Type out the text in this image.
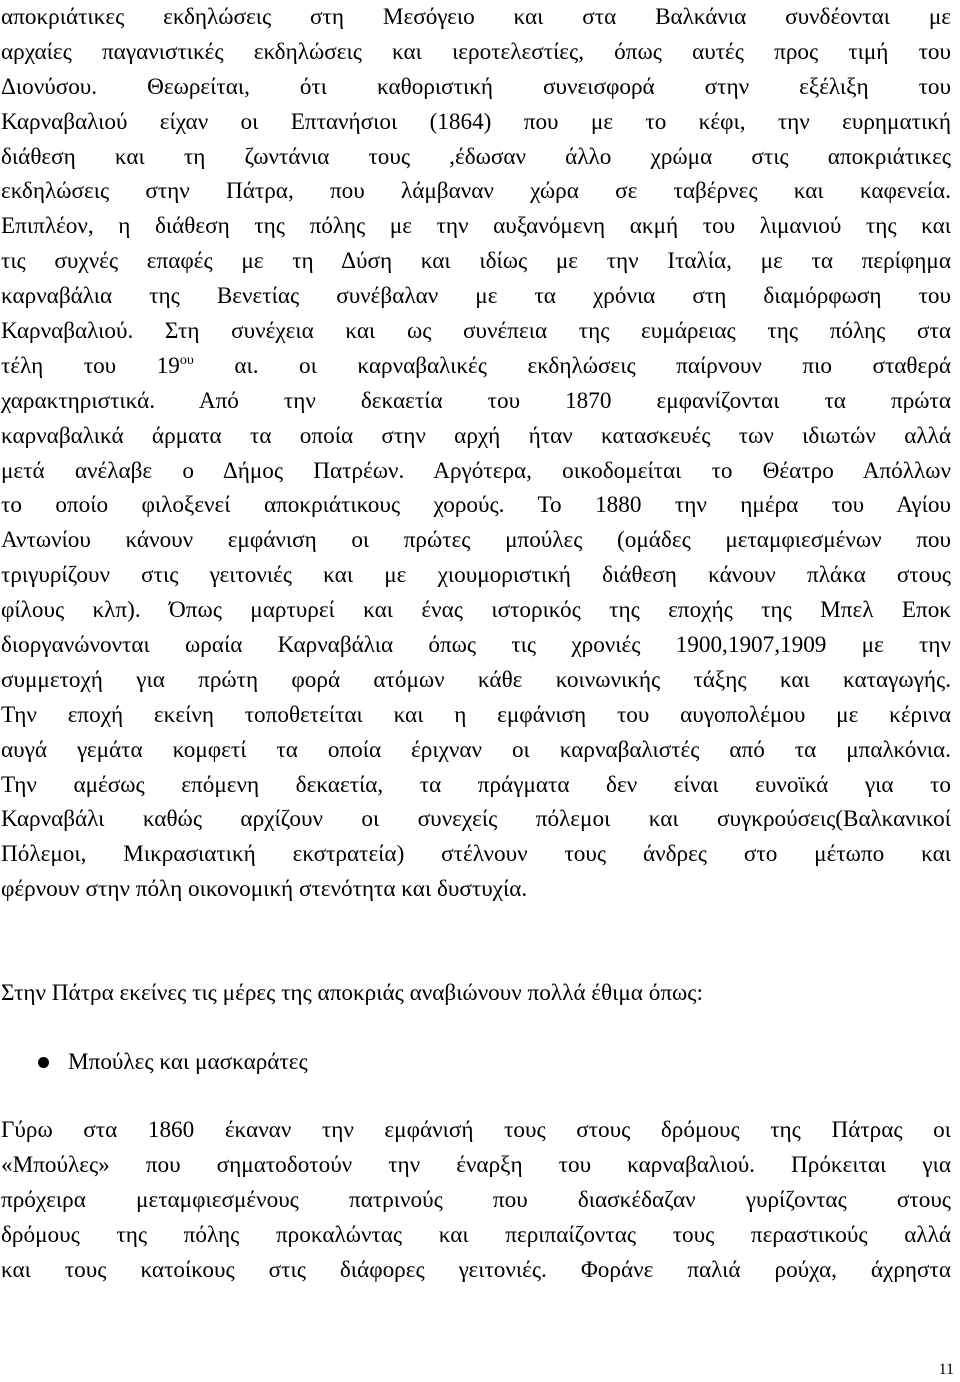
αποκριάτικες εκδηλώσεις στη Μεσόγειο και στα Βαλκάνια συνδέονται με
αρχαίες παγανιστικές εκδηλώσεις και ιεροτελεστίες, όπως αυτές προς τιμή του
Διονύσου. Θεωρείται, ότι καθοριστική συνεισφορά στην εξέλιξη του
Καρναβαλιού είχαν οι Επτανήσιοι (1864) που με το κέφι, την ευρηματική
διάθεση και τη ζωντάνια τους ,έδωσαν άλλο χρώμα στις αποκριάτικες
εκδηλώσεις στην Πάτρα, που λάμβαναν χώρα σε ταβέρνες και καφενεία.
Επιπλέον, η διάθεση της πόλης με την αυξανόμενη ακμή του λιμανιού της και
τις συχνές επαφές με τη Δύση και ιδίως με την Ιταλία, με τα περίφημα
καρναβάλια της Βενετίας συνέβαλαν με τα χρόνια στη διαμόρφωση του
Καρναβαλιού. Στη συνέχεια και ως συνέπεια της ευμάρειας της πόλης στα
τέλη του $19^{o\upsilon}$ αι. οι καρναβαλικές εκδηλώσεις παίρνουν πιο σταθερά
χαρακτηριστικά. Από την δεκαετία του 1870 εμφανίζονται τα πρώτα
καρναβαλικά άρματα τα οποία στην αρχή ήταν κατασκευές των ιδιωτών αλλά
μετά ανέλαβε ο Δήμος Πατρέων. Αργότερα, οικοδομείται το Θέατρο Απόλλων
το οποίο φιλοξενεί αποκριάτικους χορούς. Το 1880 την ημέρα του Αγίου
Αντωνίου κάνουν εμφάνιση οι πρώτες μπούλες (ομάδες μεταμφιεσμένων που
τριγυρίζουν στις γειτονιές και με χιουμοριστική διάθεση κάνουν πλάκα στους
φίλους κλπ). Όπως μαρτυρεί και ένας ιστορικός της εποχής της Μπελ Εποκ
διοργανώνονται ωραία Καρναβάλια όπως τις χρονιές 1900,1907,1909 με την
συμμετοχή για πρώτη φορά ατόμων κάθε κοινωνικής τάξης και καταγωγής.
Την εποχή εκείνη τοποθετείται και η εμφάνιση του αυγοπολέμου με κέρινα
αυγά γεμάτα κομφετί τα οποία έριχναν οι καρναβαλιστές από τα μπαλκόνια.
Την αμέσως επόμενη δεκαετία, τα πράγματα δεν είναι ευνοϊκά για το
Καρναβάλι καθώς αρχίζουν οι συνεχείς πόλεμοι και συγκρούσεις(Βαλκανικοί
Πόλεμοι, Μικρασιατική εκστρατεία) στέλνουν τους άνδρες στο μέτωπο και
φέρνουν στην πόλη οικονομική στενότητα και δυστυχία.
Στην Πάτρα εκείνες τις μέρες της αποκριάς αναβιώνουν πολλά έθιμα όπως:
Μπούλες και μασκαράτες
Γύρω στα 1860 έκαναν την εμφάνισή τους στους δρόμους της Πάτρας οι
«Μπούλες» που σηματοδοτούν την έναρξη του καρναβαλιού. Πρόκειται για
πρόχειρα μεταμφιεσμένους πατρινούς που διασκέδαζαν γυρίζοντας στους
δρόμους της πόλης προκαλώντας και περιπαίζοντας τους περαστικούς αλλά
και τους κατοίκους στις διάφορες γειτονιές. Φοράνε παλιά ρούχα, άχρηστα
11
